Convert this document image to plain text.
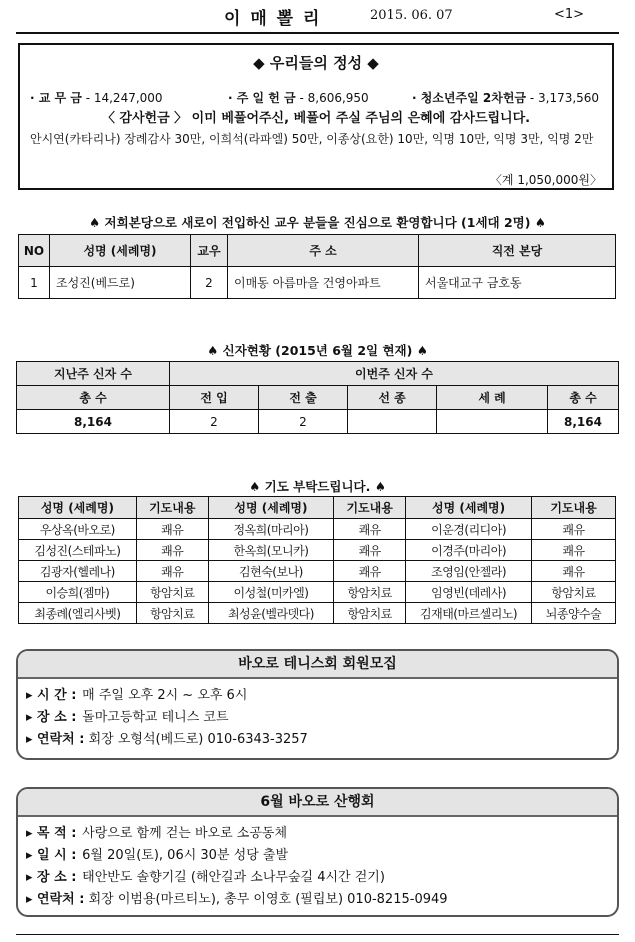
이 매 뽈 리	2015. 06. 07	<1>
◆ 우리들의 정성 ◆
· 교 무 금 - 14,247,000	· 주 일 헌 금 - 8,606,950	· 청소년주일 2차헌금 - 3,173,560
〈 감사헌금 〉 이미 베풀어주신, 베풀어 주실 주님의 은혜에 감사드립니다.
안시연(카타리나) 장례감사 30만, 이희석(라파엘) 50만, 이종상(요한) 10만, 익명 10만, 익명 3만, 익명 2만
〈계 1,050,000원〉
♠ 저희본당으로 새로이 전입하신 교우 분들을 진심으로 환영합니다 (1세대 2명) ♠
NO	성명 (세례명)	교우	주 소	직전 본당
1	조성진(베드로)	2	이매동 아름마을 건영아파트	서울대교구 금호동
♠ 신자현황 (2015년 6월 2일 현재) ♠
지난주 신자 수	이번주 신자 수				
총 수	전 입	전 출	선 종	세 례	총 수
8,164	2	2			8,164
♠ 기도 부탁드립니다. ♠
성명 (세례명)	기도내용	성명 (세례명)	기도내용	성명 (세례명)	기도내용
우상옥(바오로)	쾌유	정옥희(마리아)	쾌유	이운경(리디아)	쾌유
김성진(스테파노)	쾌유	한옥희(모니카)	쾌유	이경주(마리아)	쾌유
김광자(헬레나)	쾌유	김현숙(보나)	쾌유	조영임(안젤라)	쾌유
이승희(젬마)	항암치료	이성철(미카엘)	항암치료	임영빈(데레사)	항암치료
최종례(엘리사벳)	항암치료	최성윤(벨라뎃다)	항암치료	김재태(마르셀리노)	뇌종양수술
바오로 테니스회 회원모집
▸ 시 간 : 매 주일 오후 2시 ~ 오후 6시
▸ 장 소 : 돌마고등학교 테니스 코트
▸ 연락처 : 회장 오형석(베드로) 010-6343-3257
6월 바오로 산행회
▸ 목 적 : 사랑으로 함께 걷는 바오로 소공동체
▸ 일 시 : 6월 20일(토), 06시 30분 성당 출발
▸ 장 소 : 태안반도 솔향기길 (해안길과 소나무숲길 4시간 걷기)
▸ 연락처 : 회장 이범용(마르티노), 총무 이영호 (필립보) 010-8215-0949
